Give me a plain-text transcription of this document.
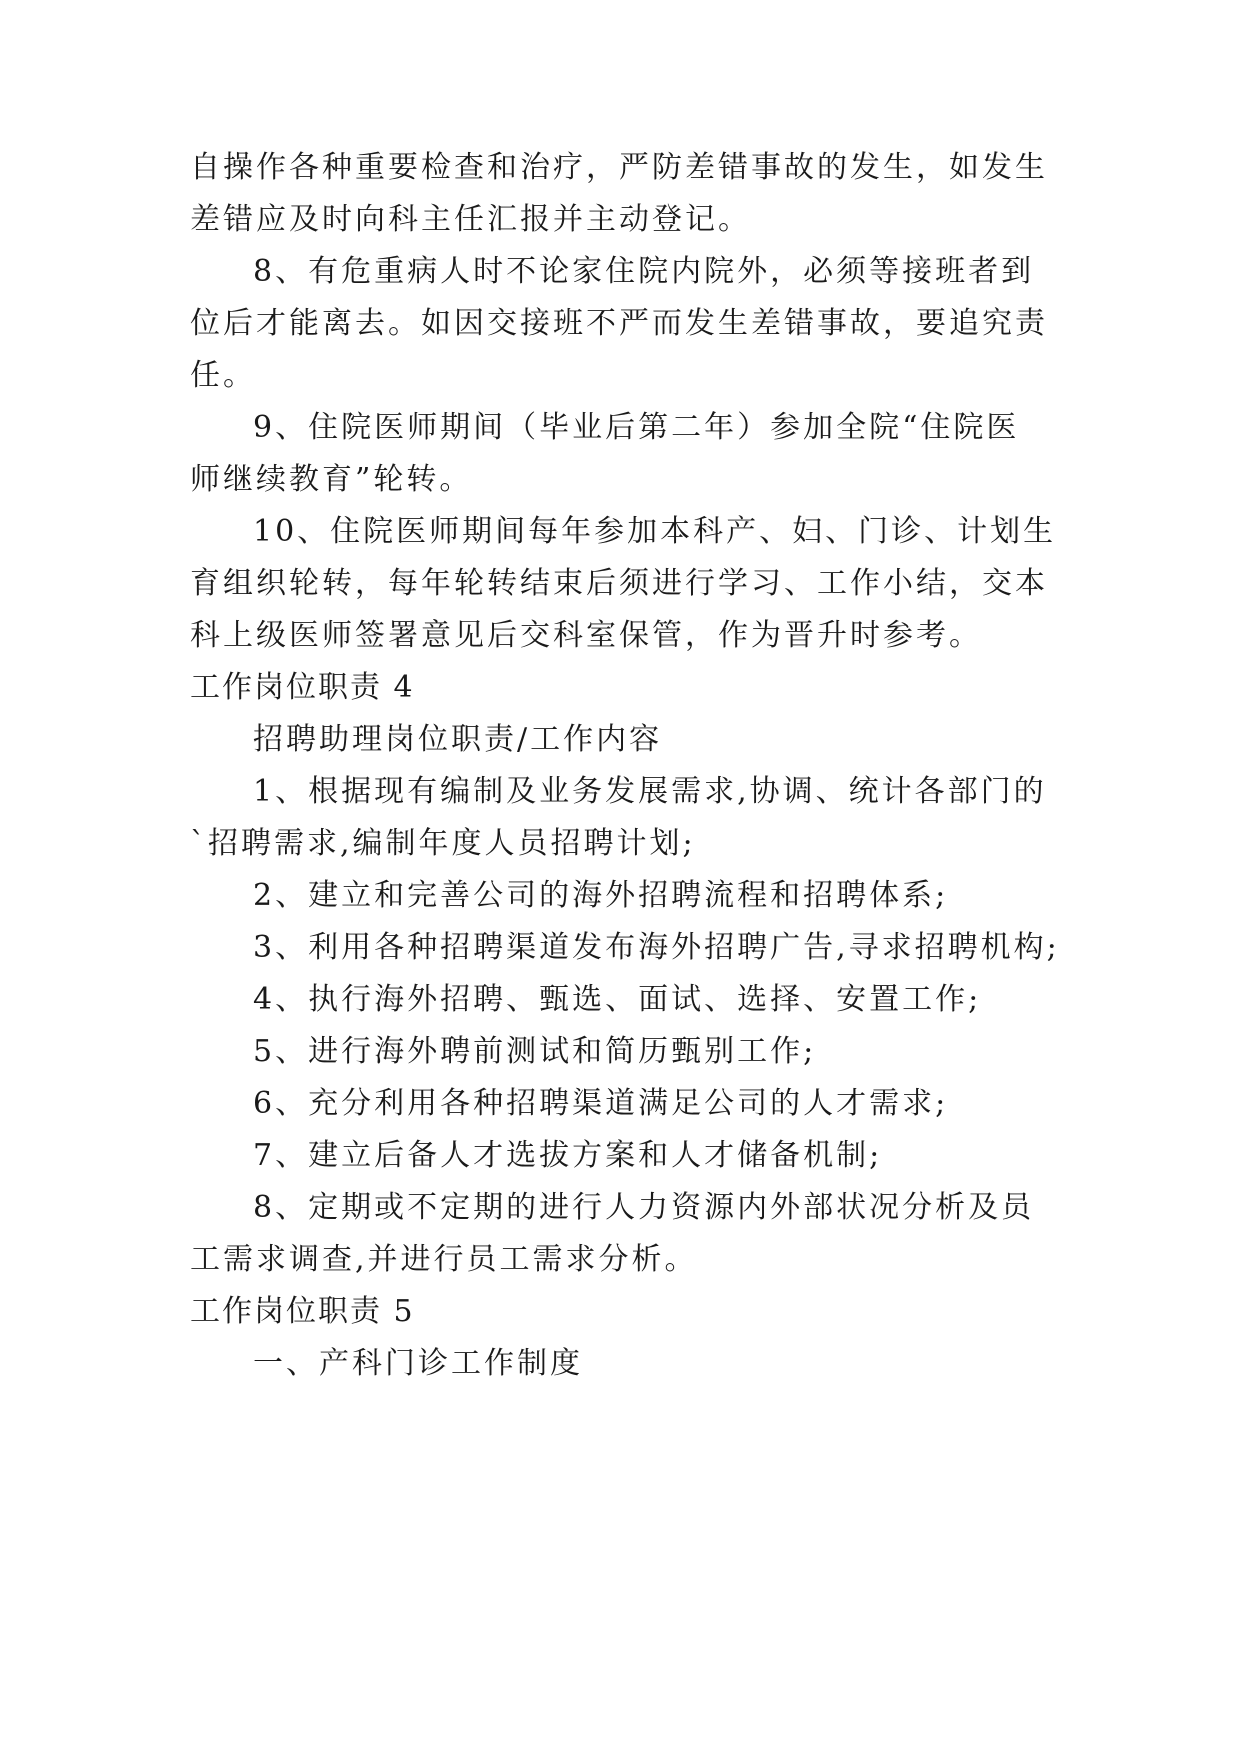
自操作各种重要检查和治疗，严防差错事故的发生，如发生
差错应及时向科主任汇报并主动登记。
8、有危重病人时不论家住院内院外，必须等接班者到
位后才能离去。如因交接班不严而发生差错事故，要追究责
任。
9、住院医师期间（毕业后第二年）参加全院“住院医
师继续教育”轮转。
10、住院医师期间每年参加本科产、妇、门诊、计划生
育组织轮转，每年轮转结束后须进行学习、工作小结，交本
科上级医师签署意见后交科室保管，作为晋升时参考。
工作岗位职责 4
招聘助理岗位职责/工作内容
1、根据现有编制及业务发展需求,协调、统计各部门的
`招聘需求,编制年度人员招聘计划;
2、建立和完善公司的海外招聘流程和招聘体系;
3、利用各种招聘渠道发布海外招聘广告,寻求招聘机构;
4、执行海外招聘、甄选、面试、选择、安置工作;
5、进行海外聘前测试和简历甄别工作;
6、充分利用各种招聘渠道满足公司的人才需求;
7、建立后备人才选拔方案和人才储备机制;
8、定期或不定期的进行人力资源内外部状况分析及员
工需求调查,并进行员工需求分析。
工作岗位职责 5
一、产科门诊工作制度
